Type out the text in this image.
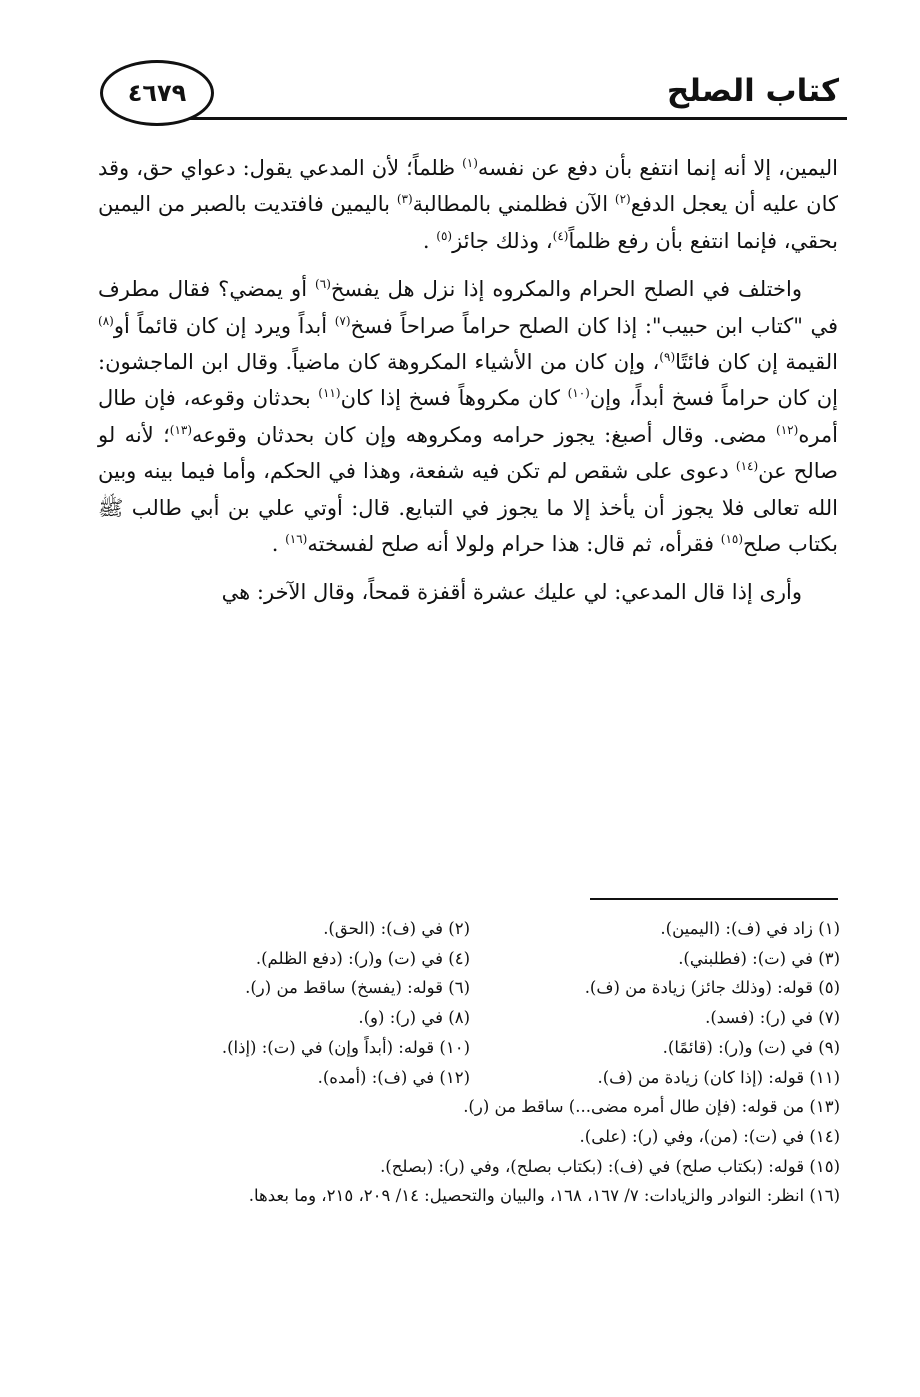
٤٦٧٩	كتاب الصلح

اليمين، إلا أنه إنما انتفع بأن دفع عن نفسه$^{(١)}$ ظلماً؛ لأن المدعي يقول: دعواي حق، وقد كان عليه أن يعجل الدفع$^{(٢)}$ الآن فظلمني بالمطالبة$^{(٣)}$ باليمين فافتديت بالصبر من اليمين بحقي، فإنما انتفع بأن رفع ظلماً$^{(٤)}$، وذلك جائز$^{(٥)}$ .

واختلف في الصلح الحرام والمكروه إذا نزل هل يفسخ$^{(٦)}$ أو يمضي؟ فقال مطرف في "كتاب ابن حبيب": إذا كان الصلح حراماً صراحاً فسخ$^{(٧)}$ أبداً ويرد إن كان قائماً أو$^{(٨)}$ القيمة إن كان فائتًا$^{(٩)}$، وإن كان من الأشياء المكروهة كان ماضياً. وقال ابن الماجشون: إن كان حراماً فسخ أبداً، وإن$^{(١٠)}$ كان مكروهاً فسخ إذا كان$^{(١١)}$ بحدثان وقوعه، فإن طال أمره$^{(١٢)}$ مضى. وقال أصبغ: يجوز حرامه ومكروهه وإن كان بحدثان وقوعه$^{(١٣)}$؛ لأنه لو صالح عن$^{(١٤)}$ دعوى على شقص لم تكن فيه شفعة، وهذا في الحكم، وأما فيما بينه وبين الله تعالى فلا يجوز أن يأخذ إلا ما يجوز في التبايع. قال: أوتي علي بن أبي طالب ﷺ بكتاب صلح$^{(١٥)}$ فقرأه، ثم قال: هذا حرام ولولا أنه صلح لفسخته$^{(١٦)}$ .

وأرى إذا قال المدعي: لي عليك عشرة أقفزة قمحاً، وقال الآخر: هي

(١) زاد في (ف): (اليمين).
(٢) في (ف): (الحق).
(٣) في (ت): (فطلبني).
(٤) في (ت) و(ر): (دفع الظلم).
(٥) قوله: (وذلك جائز) زيادة من (ف).
(٦) قوله: (يفسخ) ساقط من (ر).
(٧) في (ر): (فسد).
(٨) في (ر): (و).
(٩) في (ت) و(ر): (قائمًا).
(١٠) قوله: (أبداً وإن) في (ت): (إذا).
(١١) قوله: (إذا كان) زيادة من (ف).
(١٢) في (ف): (أمده).
(١٣) من قوله: (فإن طال أمره مضى...) ساقط من (ر).
(١٤) في (ت): (من)، وفي (ر): (على).
(١٥) قوله: (بكتاب صلح) في (ف): (بكتاب بصلح)، وفي (ر): (بصلح).
(١٦) انظر: النوادر والزيادات: ٧/ ١٦٧، ١٦٨، والبيان والتحصيل: ١٤/ ٢٠٩، ٢١٥، وما بعدها.
